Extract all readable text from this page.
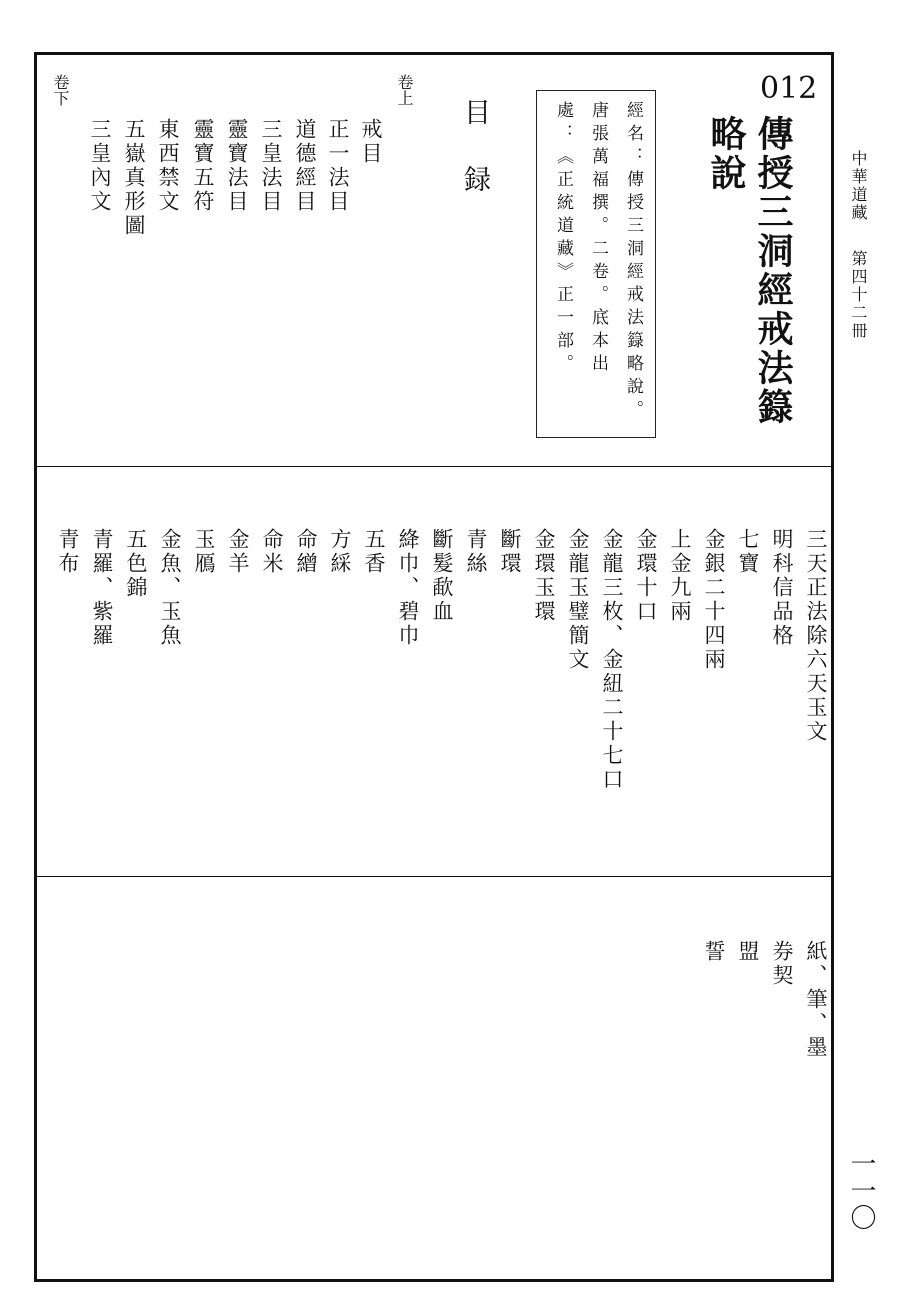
中華道藏
第四十二冊
一一〇
012
傳授三洞經戒法籙
略說
經名：傳授三洞經戒法籙略說。
唐張萬福撰。二卷。底本出
處：《正統道藏》正一部。
目録
卷上
戒目
正一法目
道德經目
三皇法目
靈寶法目
靈寶五符
東西禁文
五嶽真形圖
三皇內文
卷下
三天正法除六天玉文
明科信品格
七寶
金銀二十四兩
上金九兩
金環十口
金龍三枚、金紐二十七口
金龍玉璧簡文
金環玉環
斷環
青絲
斷髮歃血
絳巾、碧巾
五香
方綵
命繒
命米
金羊
玉鴈
金魚、玉魚
五色錦
青羅、紫羅
青布
紙、筆、墨
券契
盟
誓
